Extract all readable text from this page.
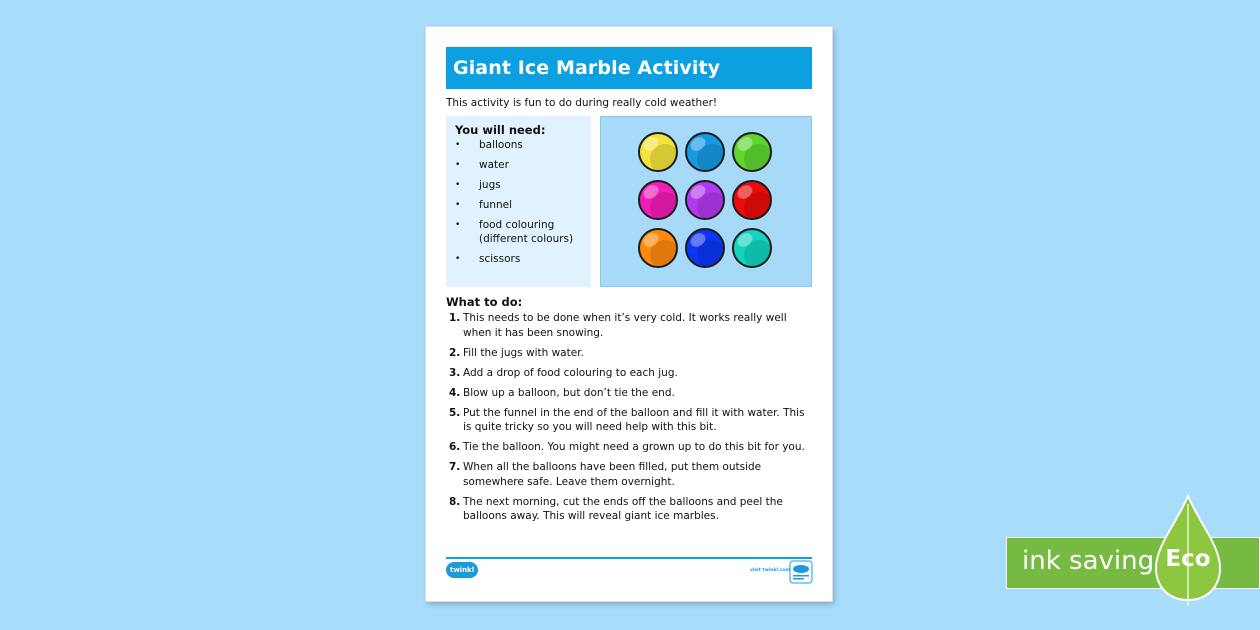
Giant Ice Marble Activity
This activity is fun to do during really cold weather!
You will need:
• balloons
• water
• jugs
• funnel
• food colouring
(different colours)
• scissors
What to do:
1. This needs to be done when it’s very cold. It works really well when it has been snowing.
2. Fill the jugs with water.
3. Add a drop of food colouring to each jug.
4. Blow up a balloon, but don’t tie the end.
5. Put the funnel in the end of the balloon and fill it with water. This is quite tricky so you will need help with this bit.
6. Tie the balloon. You might need a grown up to do this bit for you.
7. When all the balloons have been filled, put them outside somewhere safe. Leave them overnight.
8. The next morning, cut the ends off the balloons and peel the balloons away. This will reveal giant ice marbles.
twinkl	visit twinkl.com	ink saving Eco
